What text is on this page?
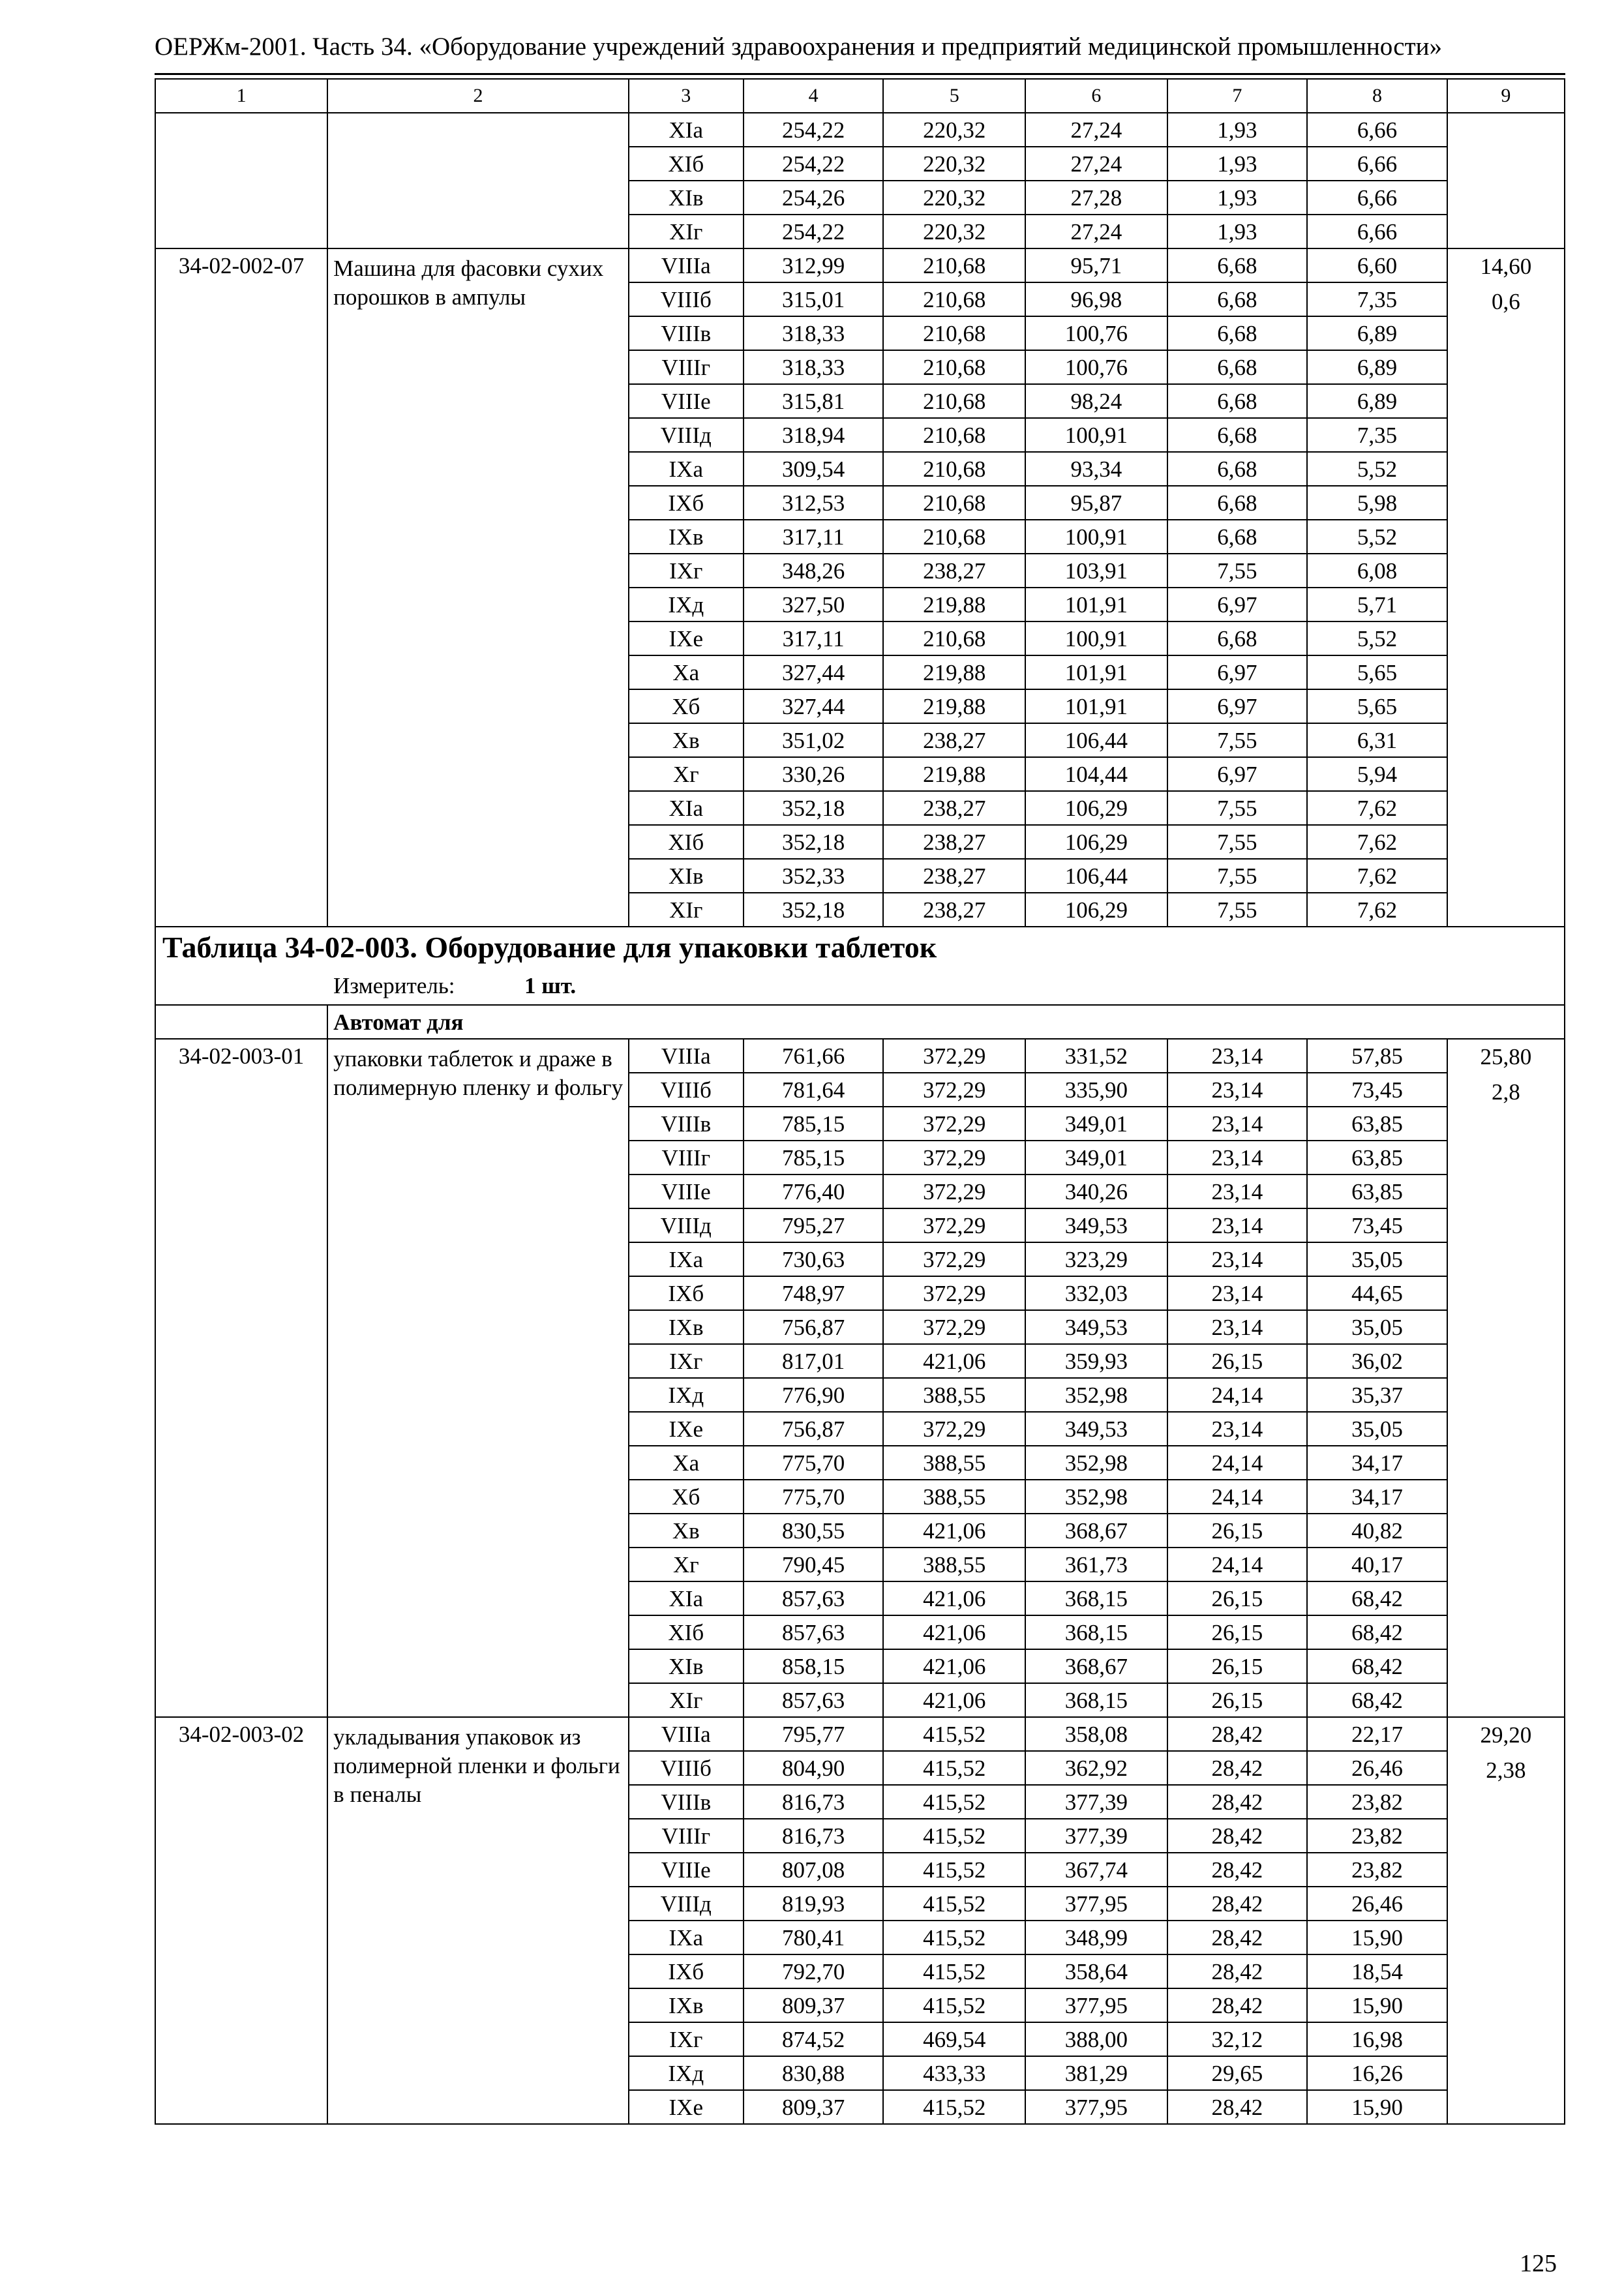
ОЕРЖм-2001. Часть 34. «Оборудование учреждений здравоохранения и предприятий медицинской промышленности»
1	2	3	4	5	6	7	8	9
		XIа	254,22	220,32	27,24	1,93	6,66	
		XIб	254,22	220,32	27,24	1,93	6,66	
		XIв	254,26	220,32	27,28	1,93	6,66	
		XIг	254,22	220,32	27,24	1,93	6,66	
34-02-002-07	Машина для фасовки сухих порошков в ампулы	VIIIа	312,99	210,68	95,71	6,68	6,60	14,60
0,6

		VIIIб	315,01	210,68	96,98	6,68	7,35	
		VIIIв	318,33	210,68	100,76	6,68	6,89	
		VIIIг	318,33	210,68	100,76	6,68	6,89	
		VIIIе	315,81	210,68	98,24	6,68	6,89	
		VIIIд	318,94	210,68	100,91	6,68	7,35	
		IXа	309,54	210,68	93,34	6,68	5,52	
		IXб	312,53	210,68	95,87	6,68	5,98	
		IXв	317,11	210,68	100,91	6,68	5,52	
		IXг	348,26	238,27	103,91	7,55	6,08	
		IXд	327,50	219,88	101,91	6,97	5,71	
		IXе	317,11	210,68	100,91	6,68	5,52	
		Xа	327,44	219,88	101,91	6,97	5,65	
		Xб	327,44	219,88	101,91	6,97	5,65	
		Xв	351,02	238,27	106,44	7,55	6,31	
		Xг	330,26	219,88	104,44	6,97	5,94	
		XIа	352,18	238,27	106,29	7,55	7,62	
		XIб	352,18	238,27	106,29	7,55	7,62	
		XIв	352,33	238,27	106,44	7,55	7,62	
		XIг	352,18	238,27	106,29	7,55	7,62	

Таблица 34-02-003. Оборудование для упаковки таблеток
Измеритель: 1 шт.								

	Автомат для							
34-02-003-01	упаковки таблеток и драже в полимерную пленку и фольгу	VIIIа	761,66	372,29	331,52	23,14	57,85	25,80
2,8

		VIIIб	781,64	372,29	335,90	23,14	73,45	
		VIIIв	785,15	372,29	349,01	23,14	63,85	
		VIIIг	785,15	372,29	349,01	23,14	63,85	
		VIIIе	776,40	372,29	340,26	23,14	63,85	
		VIIIд	795,27	372,29	349,53	23,14	73,45	
		IXа	730,63	372,29	323,29	23,14	35,05	
		IXб	748,97	372,29	332,03	23,14	44,65	
		IXв	756,87	372,29	349,53	23,14	35,05	
		IXг	817,01	421,06	359,93	26,15	36,02	
		IXд	776,90	388,55	352,98	24,14	35,37	
		IXе	756,87	372,29	349,53	23,14	35,05	
		Xа	775,70	388,55	352,98	24,14	34,17	
		Xб	775,70	388,55	352,98	24,14	34,17	
		Xв	830,55	421,06	368,67	26,15	40,82	
		Xг	790,45	388,55	361,73	24,14	40,17	
		XIа	857,63	421,06	368,15	26,15	68,42	
		XIб	857,63	421,06	368,15	26,15	68,42	
		XIв	858,15	421,06	368,67	26,15	68,42	
		XIг	857,63	421,06	368,15	26,15	68,42	
34-02-003-02	укладывания упаковок из полимерной пленки и фольги в пеналы	VIIIа	795,77	415,52	358,08	28,42	22,17	29,20
2,38

		VIIIб	804,90	415,52	362,92	28,42	26,46	
		VIIIв	816,73	415,52	377,39	28,42	23,82	
		VIIIг	816,73	415,52	377,39	28,42	23,82	
		VIIIе	807,08	415,52	367,74	28,42	23,82	
		VIIIд	819,93	415,52	377,95	28,42	26,46	
		IXа	780,41	415,52	348,99	28,42	15,90	
		IXб	792,70	415,52	358,64	28,42	18,54	
		IXв	809,37	415,52	377,95	28,42	15,90	
		IXг	874,52	469,54	388,00	32,12	16,98	
		IXд	830,88	433,33	381,29	29,65	16,26	
		IXе	809,37	415,52	377,95	28,42	15,90	
125
